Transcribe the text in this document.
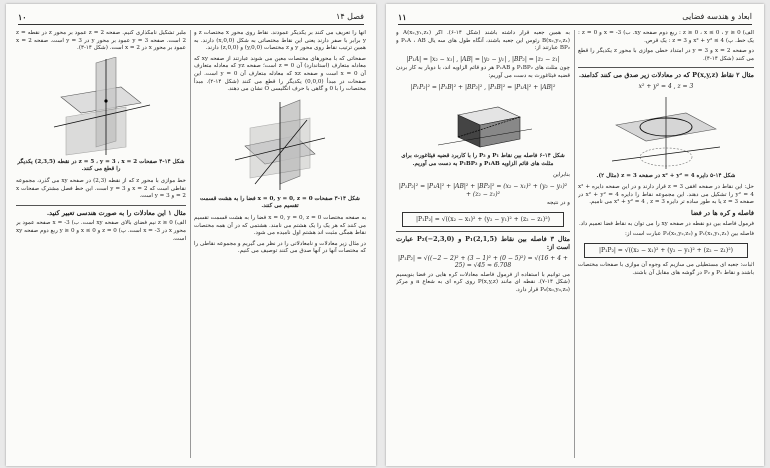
۱۰	فصل ۱۴

آنها را تعریف می کنند بر یکدیگر عمودند. نقاط روی محور x مختصات z و y برابر با صفر دارند یعنی این نقاط مختصاتی به شکل (x,0,0) دارند. به همین ترتیب نقاط روی محور y و z مختصات (0,y,0) و (0,0,z) دارند.

صفحاتی که با محورهای مختصات معین می شوند عبارتند از صفحه xy که معادله متعارف (استاندارد) آن z = 0 است؛ صفحه yz که معادله متعارف آن x = 0 است و صفحه xz که معادله متعارف آن y = 0 است. این صفحات در مبدأ (0,0,0) یکدیگر را قطع می کنند (شکل ۱۴-۲). مبدأ مختصات را با 0 و گاهی با حرف انگلیسی O نشان می دهند.

شکل ۱۴-۳ صفحات x = 0, y = 0, z = 0 فضا را به هشت قسمت تقسیم می کنند.

به صفحه مختصات x = 0, y = 0, z = 0 فضا را به هشت قسمت تقسیم می کنند که هر یک را یک هشتم می نامند. هشتمی که در آن همه مختصات نقاط همگی مثبت اند هشتم اول نامیده می شود.

در مثال زیر معادلات و نامعادلاتی را در نظر می گیریم و مجموعه نقاطی را که مختصات آنها در آنها صدق می کنند توصیف می کنیم.

ملبر تشکیل نامکذاری کنیم. صفحه z = 2 عمود بر محور z در نقطه z = 2 است. صفحه y = 3 عمود بر محور y در y = 3 است. صفحه x = 2 عمود بر محور x در x = 2 است. (شکل ۱۴-۳).

شکل ۱۴-۴ صفحات z = 5 ، y = 3 ، x = 2 در نقطه (2,3,5) یکدیگر را قطع می کنند.

خط موازی با محور z که از نقطه (2,3) در صفحه xy می گذرد، مجموعه نقاطی است که x = 2 و y = 3 است. این خط فصل مشترک صفحات x = 2 و y = 3 است.

مثال ۱ این معادلات را به صورت هندسی تعبیر کنید.

الف) z ≥ 0 نیم فضای بالای صفحه xy است. ب) x = -3 صفحه عمود بر محور x در x = -3 است. پ) z = 0 و x ≤ 0 و y ≥ 0 ربع دوم صفحه xy است.

۱۱	ابعاد و هندسه فضایی

الف) z ≥ 0 ، x ≤ 0 ، y ≥ 0 : ربع دوم صفحه xy. ب) x = -3 و z = 0 : یک خط. پ) x² + y² ≤ 4 و z = 3 : یک قرص.

دو صفحه x = 2 و y = 3 در امتداد خطی موازی با محور z یکدیگر را قطع می کنند (شکل ۱۴-۴).

مثال ۲ نقاط P(x,y,z) که در معادلات زیر صدق می کنند کدامند.

x² + y² = 4 , z = 3
شکل ۱۴-۵ دایره x² + y² = 4 در صفحه z = 3 (مثال ۲).

حل: این نقاط در صفحه افقی z = 3 قرار دارند و در این صفحه دایره x² + y² = 4 را تشکیل می دهند. این مجموعه نقاط را دایره x² + y² = 4 در صفحه z = 3 یا به طور ساده تر دایره x² + y² = 4 , z = 3 می نامیم.

فاصله و کره ها در فضا

فرمول فاصله بین دو نقطه در صفحه xy را می توان به نقاط فضا تعمیم داد.

فاصله بین P₁(x₁,y₁,z₁) و P₂(x₂,y₂,z₂) عبارت است از:

|P₁P₂| = √((x₂ − x₁)² + (y₂ − y₁)² + (z₂ − z₁)²)

اثبات: جعبه ای مستطیلی می سازیم که وجوه آن موازی با صفحات مختصات باشند و نقاط P₁ و P₂ در گوشه های مقابل آن باشند.

به همین جعبه قرار داشته باشند (شکل ۱۴-۶). اگر A(x₂,y₁,z₁) و B(x₂,y₂,z₁) رئوس این جعبه باشند، آنگاه طول های سه یال P₁A ، AB و BP₂ عبارتند از:

|P₁A| = |x₂ − x₁| , |AB| = |y₂ − y₁| , |BP₂| = |z₂ − z₁|

چون مثلث های P₁BP₂ و P₁AB هر دو قائم الزاویه اند، با دوبار به کار بردن قضیه فیثاغورث به دست می آوریم:

|P₁P₂|² = |P₁B|² + |BP₂|² , |P₁B|² = |P₁A|² + |AB|²
شکل ۱۴-۶ فاصله بین نقاط P₁ و P₂ را با کاربرد قضیه فیثاغورث برای مثلث های قائم الزاویه P₁AB و P₁BP₂ به دست می آوریم.

بنابراین

|P₁P₂|² = |P₁A|² + |AB|² + |BP₂|² = (x₂ − x₁)² + (y₂ − y₁)² + (z₂ − z₁)²

و در نتیجه

|P₁P₂| = √((x₂ − x₁)² + (y₂ − y₁)² + (z₂ − z₁)²)

مثال ۳ فاصله بین نقاط P₁(2,1,5) و P₂(−2,3,0) عبارت است از:

|P₁P₂| = √((−2 − 2)² + (3 − 1)² + (0 − 5)²) = √(16 + 4 + 25) = √45 ≈ 6.708

می توانیم با استفاده از فرمول فاصله معادلات کره هایی در فضا بنویسیم (شکل ۱۴-۷). نقطه ای مانند P(x,y,z) روی کره ای به شعاع a و مرکز P₀(x₀,y₀,z₀) قرار دارد.
